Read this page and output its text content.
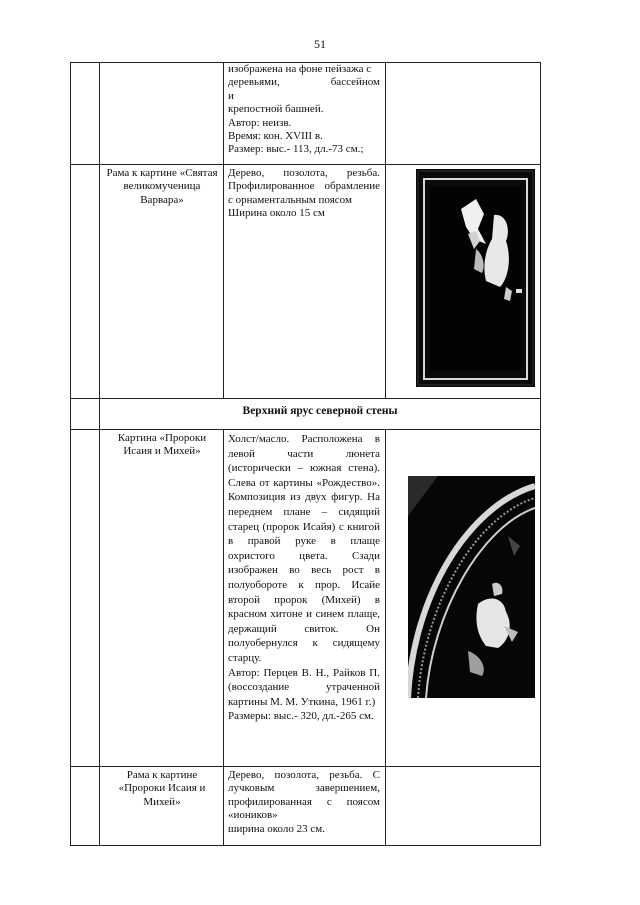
51
изображена на фоне пейзажа с
деревьями, бассейном и
крепостной башней.
Автор: неизв.
Время: кон. XVIII в.
Размер: выс.- 113, дл.-73 см.;
Рама к картине «Святая великомученица Варвара»
Дерево, позолота, резьба. Профилированное обрамление с орнаментальным поясом
Ширина около 15 см
Верхний ярус северной стены
Картина «Пророки Исаия и Михей»
Холст/масло. Расположена в левой части люнета (исторически – южная стена). Слева от картины «Рождество». Композиция из двух фигур. На переднем плане – сидящий старец (пророк Исайя) с книгой в правой руке в плаще охристого цвета. Сзади изображен во весь рост в полуобороте к прор. Исайе второй пророк (Михей) в красном хитоне и синем плаще, держащий свиток. Он полуобернулся к сидящему старцу.
Автор: Перцев В. Н., Райков П. (воссоздание утраченной картины М. М. Уткина, 1961 г.)
Размеры: выс.- 320, дл.-265 см.
Рама к картине «Пророки Исаия и Михей»
Дерево, позолота, резьба. С лучковым завершением, профилированная с поясом «иоников»
ширина около 23 см.
